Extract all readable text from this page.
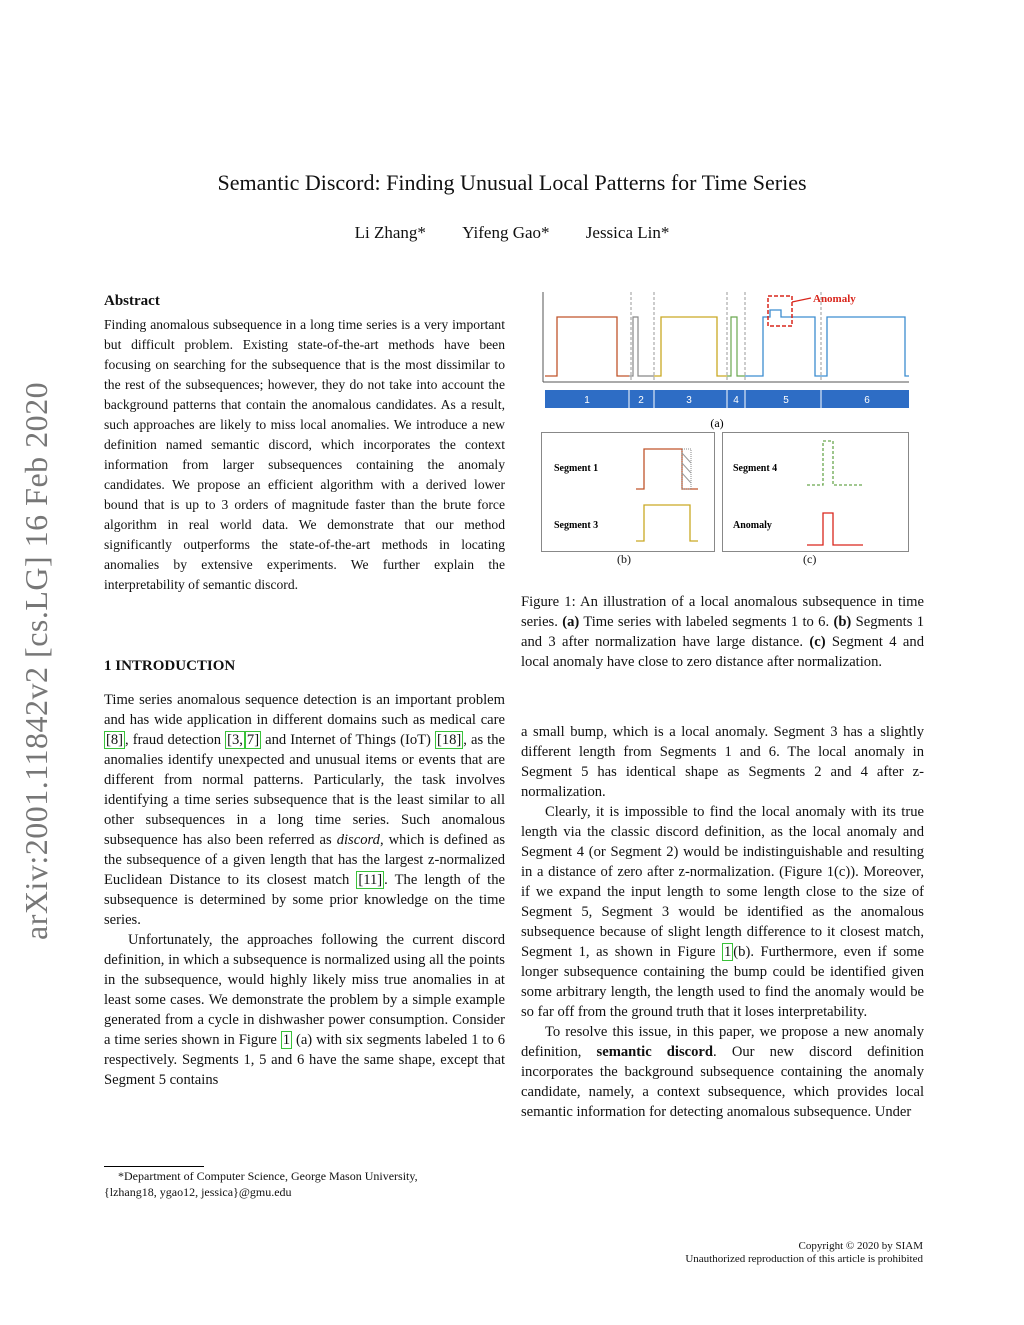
arXiv:2001.11842v2 [cs.LG] 16 Feb 2020
Semantic Discord: Finding Unusual Local Patterns for Time Series
Li Zhang* Yifeng Gao* Jessica Lin*
Abstract

Finding anomalous subsequence in a long time series is a very important but difficult problem. Existing state-of-the-art methods have been focusing on searching for the subsequence that is the most dissimilar to the rest of the subsequences; however, they do not take into account the background patterns that contain the anomalous candidates. As a result, such approaches are likely to miss local anomalies. We introduce a new definition named semantic discord, which incorporates the context information from larger subsequences containing the anomaly candidates. We propose an efficient algorithm with a derived lower bound that is up to 3 orders of magnitude faster than the brute force algorithm in real world data. We demonstrate that our method significantly outperforms the state-of-the-art methods in locating anomalies by extensive experiments. We further explain the interpretability of semantic discord.

1 INTRODUCTION

Time series anomalous sequence detection is an important problem and has wide application in different domains such as medical care [8] , fraud detection [3, 7] and Internet of Things (IoT) [18] , as the anomalies identify unexpected and unusual items or events that are different from normal patterns. Particularly, the task involves identifying a time series subsequence that is the least similar to all other subsequences in a long time series. Such anomalous subsequence has also been referred as discord, which is defined as the subsequence of a given length that has the largest z-normalized Euclidean Distance to its closest match [11] . The length of the subsequence is determined by some prior knowledge on the time series.

Unfortunately, the approaches following the current discord definition, in which a subsequence is normalized using all the points in the subsequence, would highly likely miss true anomalies in at least some cases. We demonstrate the problem by a simple example generated from a cycle in dishwasher power consumption. Consider a time series shown in Figure 1 (a) with six segments labeled 1 to 6 respectively. Segments 1, 5 and 6 have the same shape, except that Segment 5 contains

*Department of Computer Science, George Mason University,
{lzhang18, ygao12, jessica}@gmu.edu
Anomaly
1	2	3	4	5	6
(a)
Segment 1
Segment 3
(b)
Segment 4
Anomaly
(c)
Figure 1: An illustration of a local anomalous subsequence in time series. (a) Time series with labeled segments 1 to 6. (b) Segments 1 and 3 after normalization have large distance. (c) Segment 4 and local anomaly have close to zero distance after normalization.

a small bump, which is a local anomaly. Segment 3 has a slightly different length from Segments 1 and 6. The local anomaly in Segment 5 has identical shape as Segments 2 and 4 after z-normalization.

Clearly, it is impossible to find the local anomaly with its true length via the classic discord definition, as the local anomaly and Segment 4 (or Segment 2) would be indistinguishable and resulting in a distance of zero after z-normalization. (Figure 1(c)). Moreover, if we expand the input length to some length close to the size of Segment 5, Segment 3 would be identified as the anomalous subsequence because of slight length difference to it closest match, Segment 1, as shown in Figure 1 (b). Furthermore, even if some longer subsequence containing the bump could be identified given some arbitrary length, the length used to find the anomaly would be so far off from the ground truth that it loses interpretability.

To resolve this issue, in this paper, we propose a new anomaly definition, semantic discord. Our new discord definition incorporates the background subsequence containing the anomaly candidate, namely, a context subsequence, which provides local semantic information for detecting anomalous subsequence. Under

Copyright © 2020 by SIAM
Unauthorized reproduction of this article is prohibited
